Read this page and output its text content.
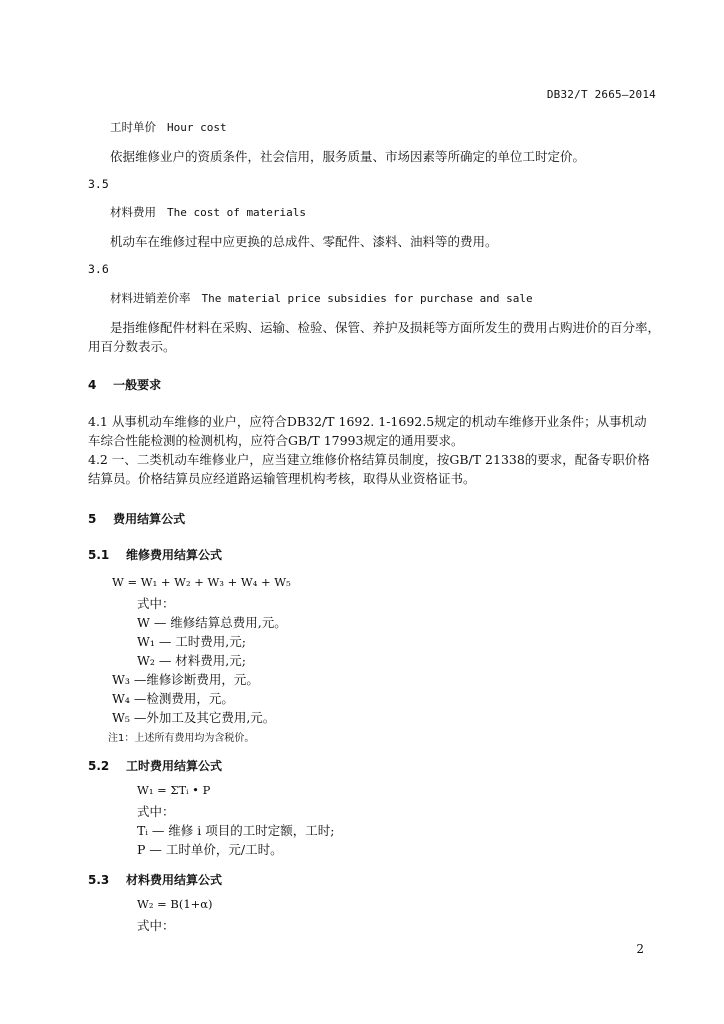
DB32/T 2665—2014
工时单价 Hour cost
依据维修业户的资质条件，社会信用，服务质量、市场因素等所确定的单位工时定价。
3.5
材料费用 The cost of materials
机动车在维修过程中应更换的总成件、零配件、漆料、油料等的费用。
3.6
材料进销差价率 The material price subsidies for purchase and sale
是指维修配件材料在采购、运输、检验、保管、养护及损耗等方面所发生的费用占购进价的百分率，
用百分数表示。
4 一般要求
4.1 从事机动车维修的业户，应符合DB32/T 1692. 1-1692.5规定的机动车维修开业条件；从事机动
车综合性能检测的检测机构，应符合GB/T 17993规定的通用要求。
4.2 一、二类机动车维修业户，应当建立维修价格结算员制度，按GB/T 21338的要求，配备专职价格
结算员。价格结算员应经道路运输管理机构考核，取得从业资格证书。
5 费用结算公式
5.1 维修费用结算公式
W = W₁ + W₂ + W₃ + W₄ + W₅
式中：
W — 维修结算总费用,元。
W₁ — 工时费用,元;
W₂ — 材料费用,元;
W₃ —维修诊断费用，元。
W₄ —检测费用，元。
W₅ —外加工及其它费用,元。
注1：上述所有费用均为含税价。
5.2 工时费用结算公式
W₁ = ΣTᵢ • P
式中：
Tᵢ — 维修 i 项目的工时定额，工时;
P — 工时单价，元/工时。
5.3 材料费用结算公式
W₂ = B(1+α)
式中：
2
